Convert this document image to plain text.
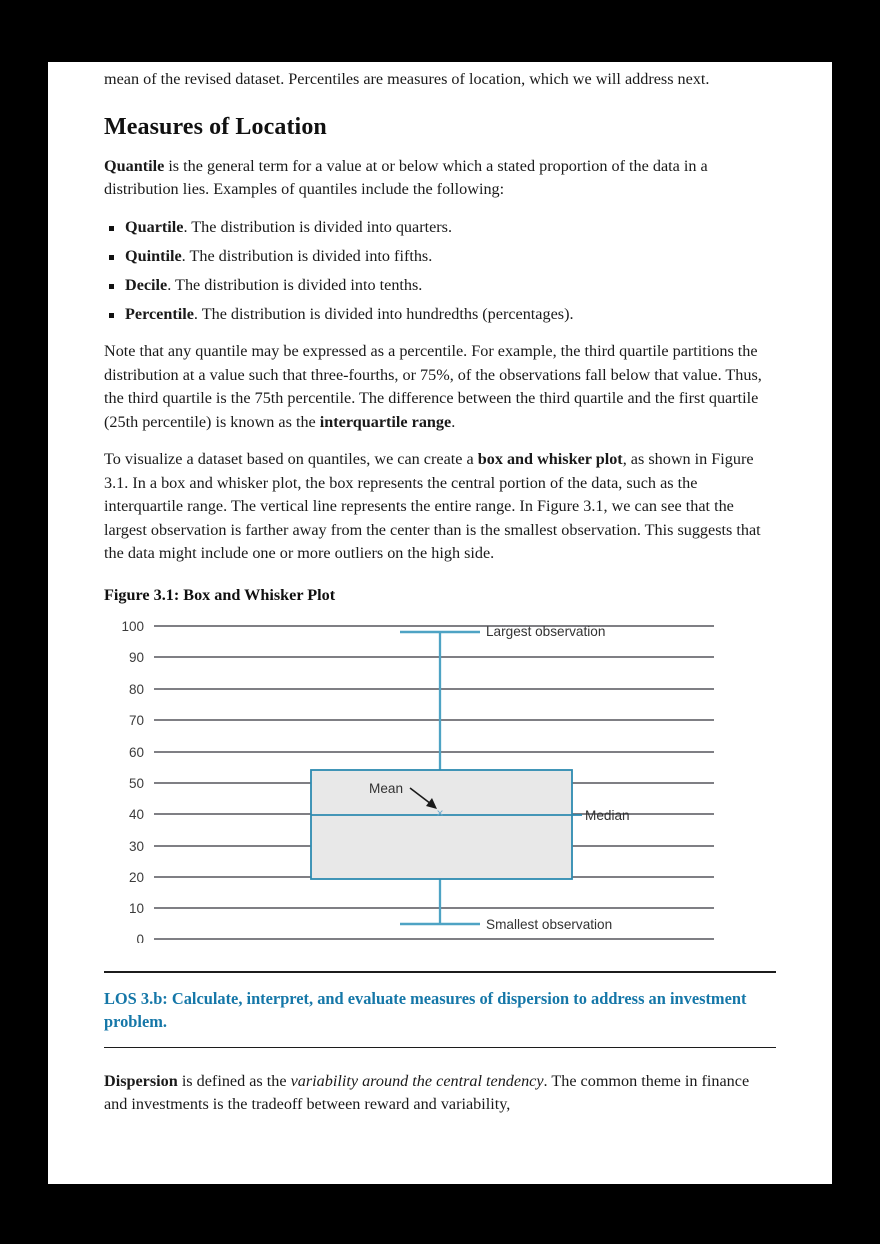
mean of the revised dataset. Percentiles are measures of location, which we will address next.

Measures of Location

Quantile is the general term for a value at or below which a stated proportion of the data in a distribution lies. Examples of quantiles include the following:

Quartile. The distribution is divided into quarters.
Quintile. The distribution is divided into fifths.
Decile. The distribution is divided into tenths.
Percentile. The distribution is divided into hundredths (percentages).

Note that any quantile may be expressed as a percentile. For example, the third quartile partitions the distribution at a value such that three-fourths, or 75%, of the observations fall below that value. Thus, the third quartile is the 75th percentile. The difference between the third quartile and the first quartile (25th percentile) is known as the interquartile range.

To visualize a dataset based on quantiles, we can create a box and whisker plot, as shown in Figure 3.1. In a box and whisker plot, the box represents the central portion of the data, such as the interquartile range. The vertical line represents the entire range. In Figure 3.1, we can see that the largest observation is farther away from the center than is the smallest observation. This suggests that the data might include one or more outliers on the high side.

Figure 3.1: Box and Whisker Plot
100
90
80
70
60
50
40
30
20
10
0
×
Largest observation
Mean
Median
Smallest observation
LOS 3.b: Calculate, interpret, and evaluate measures of dispersion to address an investment problem.

Dispersion is defined as the variability around the central tendency. The common theme in finance and investments is the tradeoff between reward and variability,
